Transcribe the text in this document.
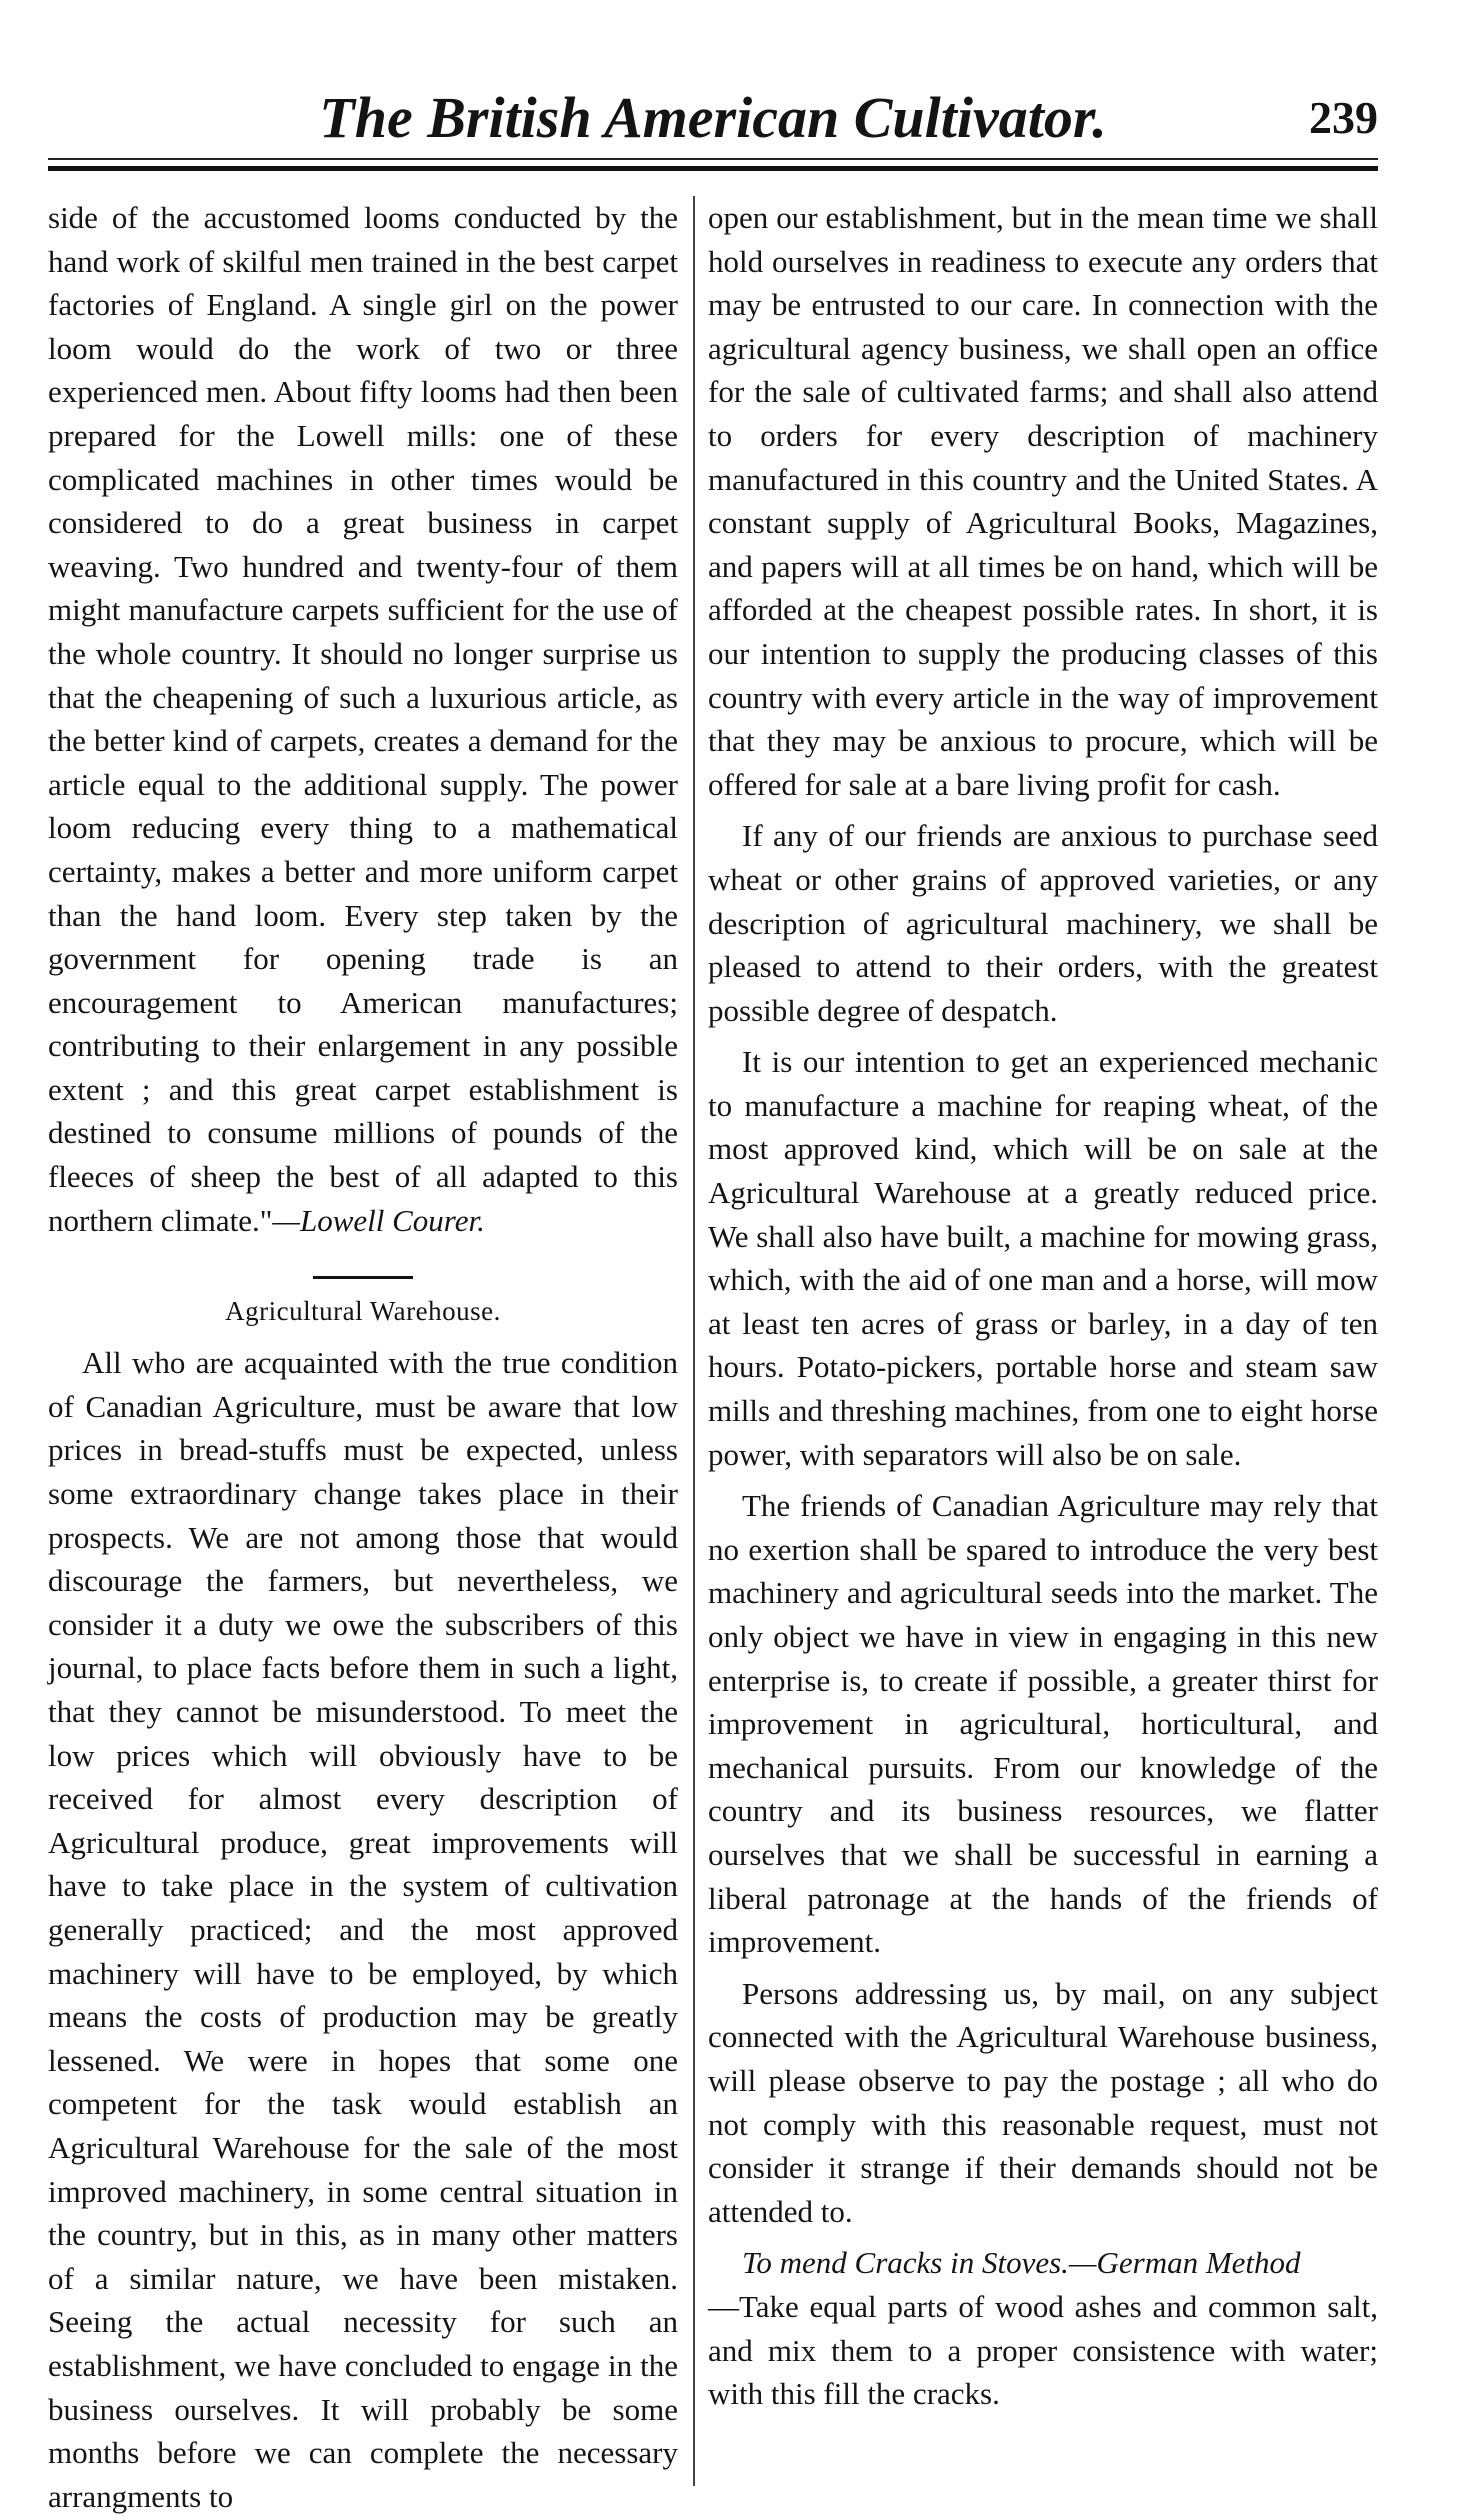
The British American Cultivator.	239

side of the accustomed looms conducted by the hand work of skilful men trained in the best carpet factories of England. A single girl on the power loom would do the work of two or three experienced men. About fifty looms had then been prepared for the Lowell mills: one of these complicated machines in other times would be considered to do a great business in carpet weaving. Two hundred and twenty-four of them might manufacture carpets sufficient for the use of the whole country. It should no longer surprise us that the cheapening of such a luxurious article, as the better kind of carpets, creates a demand for the article equal to the additional supply. The power loom reducing every thing to a mathematical certainty, makes a better and more uniform carpet than the hand loom. Every step taken by the government for opening trade is an encouragement to American manufactures; contributing to their enlargement in any possible extent ; and this great carpet establishment is destined to consume millions of pounds of the fleeces of sheep the best of all adapted to this northern climate."—Lowell Courer.

Agricultural Warehouse.

All who are acquainted with the true condition of Canadian Agriculture, must be aware that low prices in bread-stuffs must be expected, unless some extraordinary change takes place in their prospects. We are not among those that would discourage the farmers, but nevertheless, we consider it a duty we owe the subscribers of this journal, to place facts before them in such a light, that they cannot be misunderstood. To meet the low prices which will obviously have to be received for almost every description of Agricultural produce, great improvements will have to take place in the system of cultivation generally practiced; and the most approved machinery will have to be employed, by which means the costs of production may be greatly lessened. We were in hopes that some one competent for the task would establish an Agricultural Warehouse for the sale of the most improved machinery, in some central situation in the country, but in this, as in many other matters of a similar nature, we have been mistaken. Seeing the actual necessity for such an establishment, we have concluded to engage in the business ourselves. It will probably be some months before we can complete the necessary arrangments to

open our establishment, but in the mean time we shall hold ourselves in readiness to execute any orders that may be entrusted to our care. In connection with the agricultural agency business, we shall open an office for the sale of cultivated farms; and shall also attend to orders for every description of machinery manufactured in this country and the United States. A constant supply of Agricultural Books, Magazines, and papers will at all times be on hand, which will be afforded at the cheapest possible rates. In short, it is our intention to supply the producing classes of this country with every article in the way of improvement that they may be anxious to procure, which will be offered for sale at a bare living profit for cash.

If any of our friends are anxious to purchase seed wheat or other grains of approved varieties, or any description of agricultural machinery, we shall be pleased to attend to their orders, with the greatest possible degree of despatch.

It is our intention to get an experienced mechanic to manufacture a machine for reaping wheat, of the most approved kind, which will be on sale at the Agricultural Warehouse at a greatly reduced price. We shall also have built, a machine for mowing grass, which, with the aid of one man and a horse, will mow at least ten acres of grass or barley, in a day of ten hours. Potato-pickers, portable horse and steam saw mills and threshing machines, from one to eight horse power, with separators will also be on sale.

The friends of Canadian Agriculture may rely that no exertion shall be spared to introduce the very best machinery and agricultural seeds into the market. The only object we have in view in engaging in this new enterprise is, to create if possible, a greater thirst for improvement in agricultural, horticultural, and mechanical pursuits. From our knowledge of the country and its business resources, we flatter ourselves that we shall be successful in earning a liberal patronage at the hands of the friends of improvement.

Persons addressing us, by mail, on any subject connected with the Agricultural Warehouse business, will please observe to pay the postage ; all who do not comply with this reasonable request, must not consider it strange if their demands should not be attended to.

To mend Cracks in Stoves.—German Method
—Take equal parts of wood ashes and common salt, and mix them to a proper consistence with water; with this fill the cracks.
